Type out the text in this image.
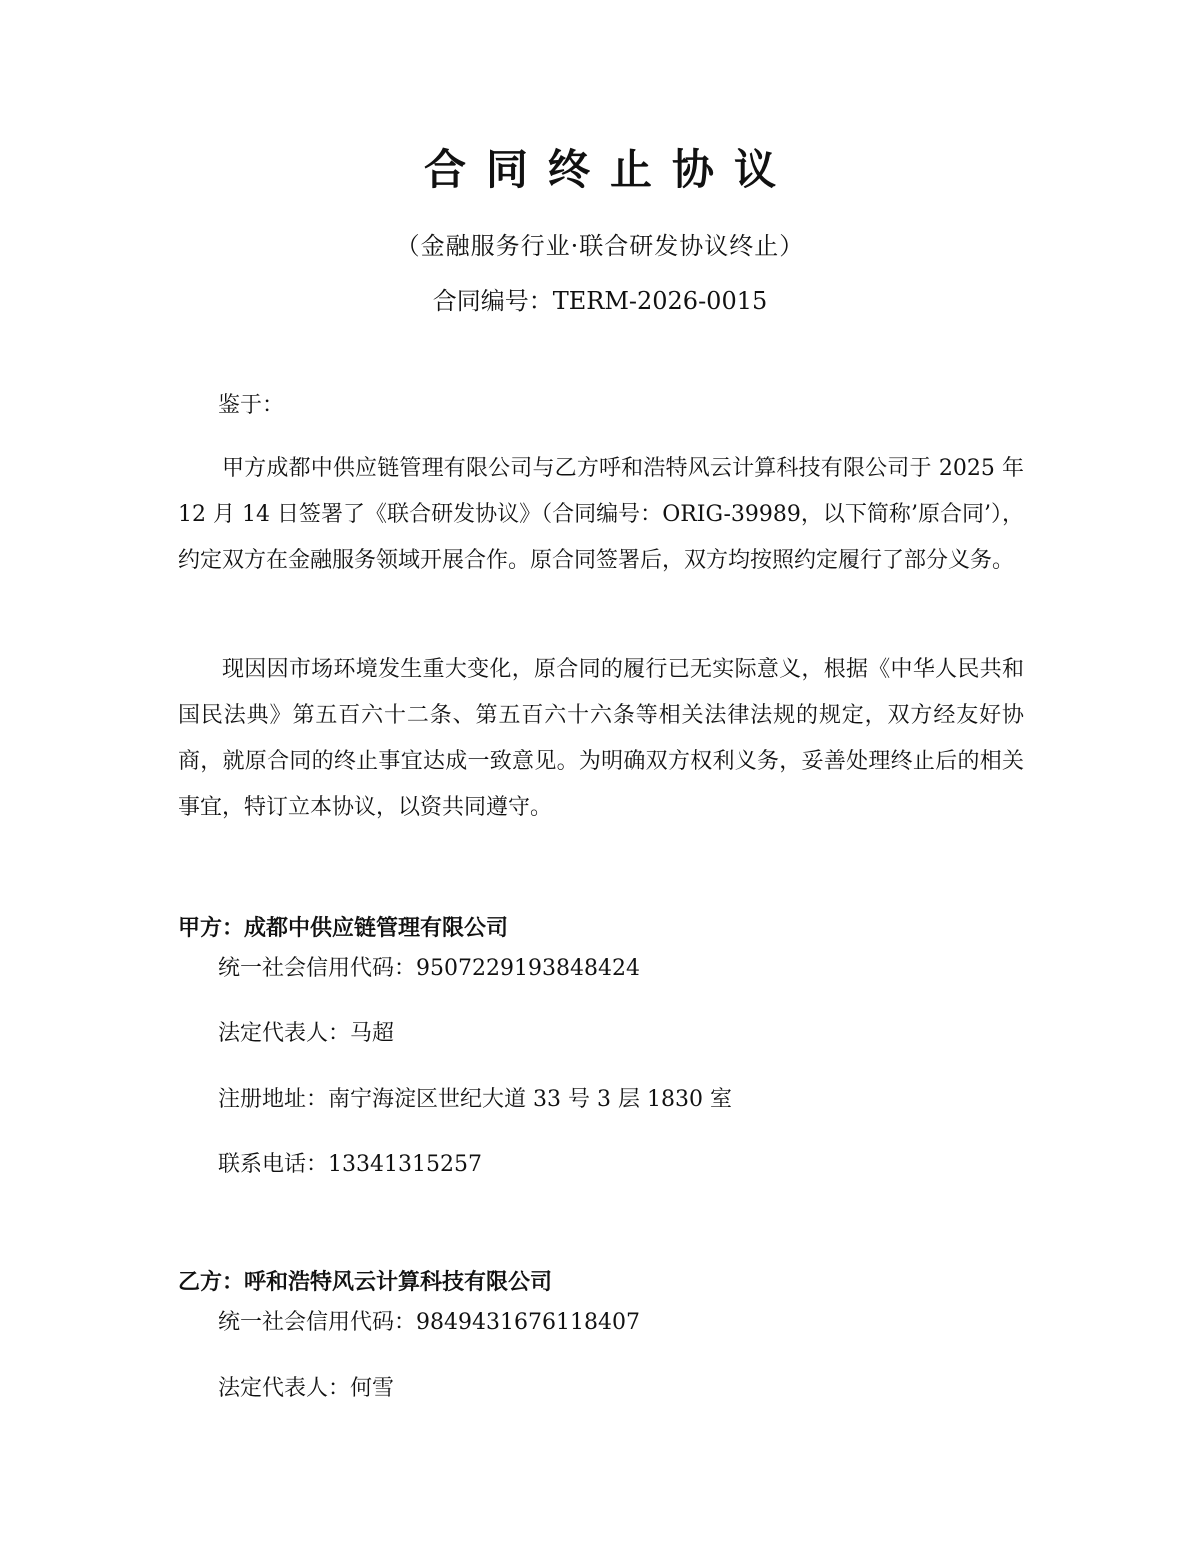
合同终止协议
（金融服务行业·联合研发协议终止）
合同编号：TERM-2026-0015
鉴于：
甲方成都中供应链管理有限公司与乙方呼和浩特风云计算科技有限公司于 2025 年 12 月 14 日签署了《联合研发协议》（合同编号：ORIG-39989，以下简称’原合同’），约定双方在金融服务领域开展合作。原合同签署后，双方均按照约定履行了部分义务。
现因因市场环境发生重大变化，原合同的履行已无实际意义，根据《中华人民共和国民法典》第五百六十二条、第五百六十六条等相关法律法规的规定，双方经友好协商，就原合同的终止事宜达成一致意见。为明确双方权利义务，妥善处理终止后的相关事宜，特订立本协议，以资共同遵守。
甲方：成都中供应链管理有限公司
统一社会信用代码：9507229193848424
法定代表人：马超
注册地址：南宁海淀区世纪大道 33 号 3 层 1830 室
联系电话：13341315257
乙方：呼和浩特风云计算科技有限公司
统一社会信用代码：9849431676118407
法定代表人：何雪
